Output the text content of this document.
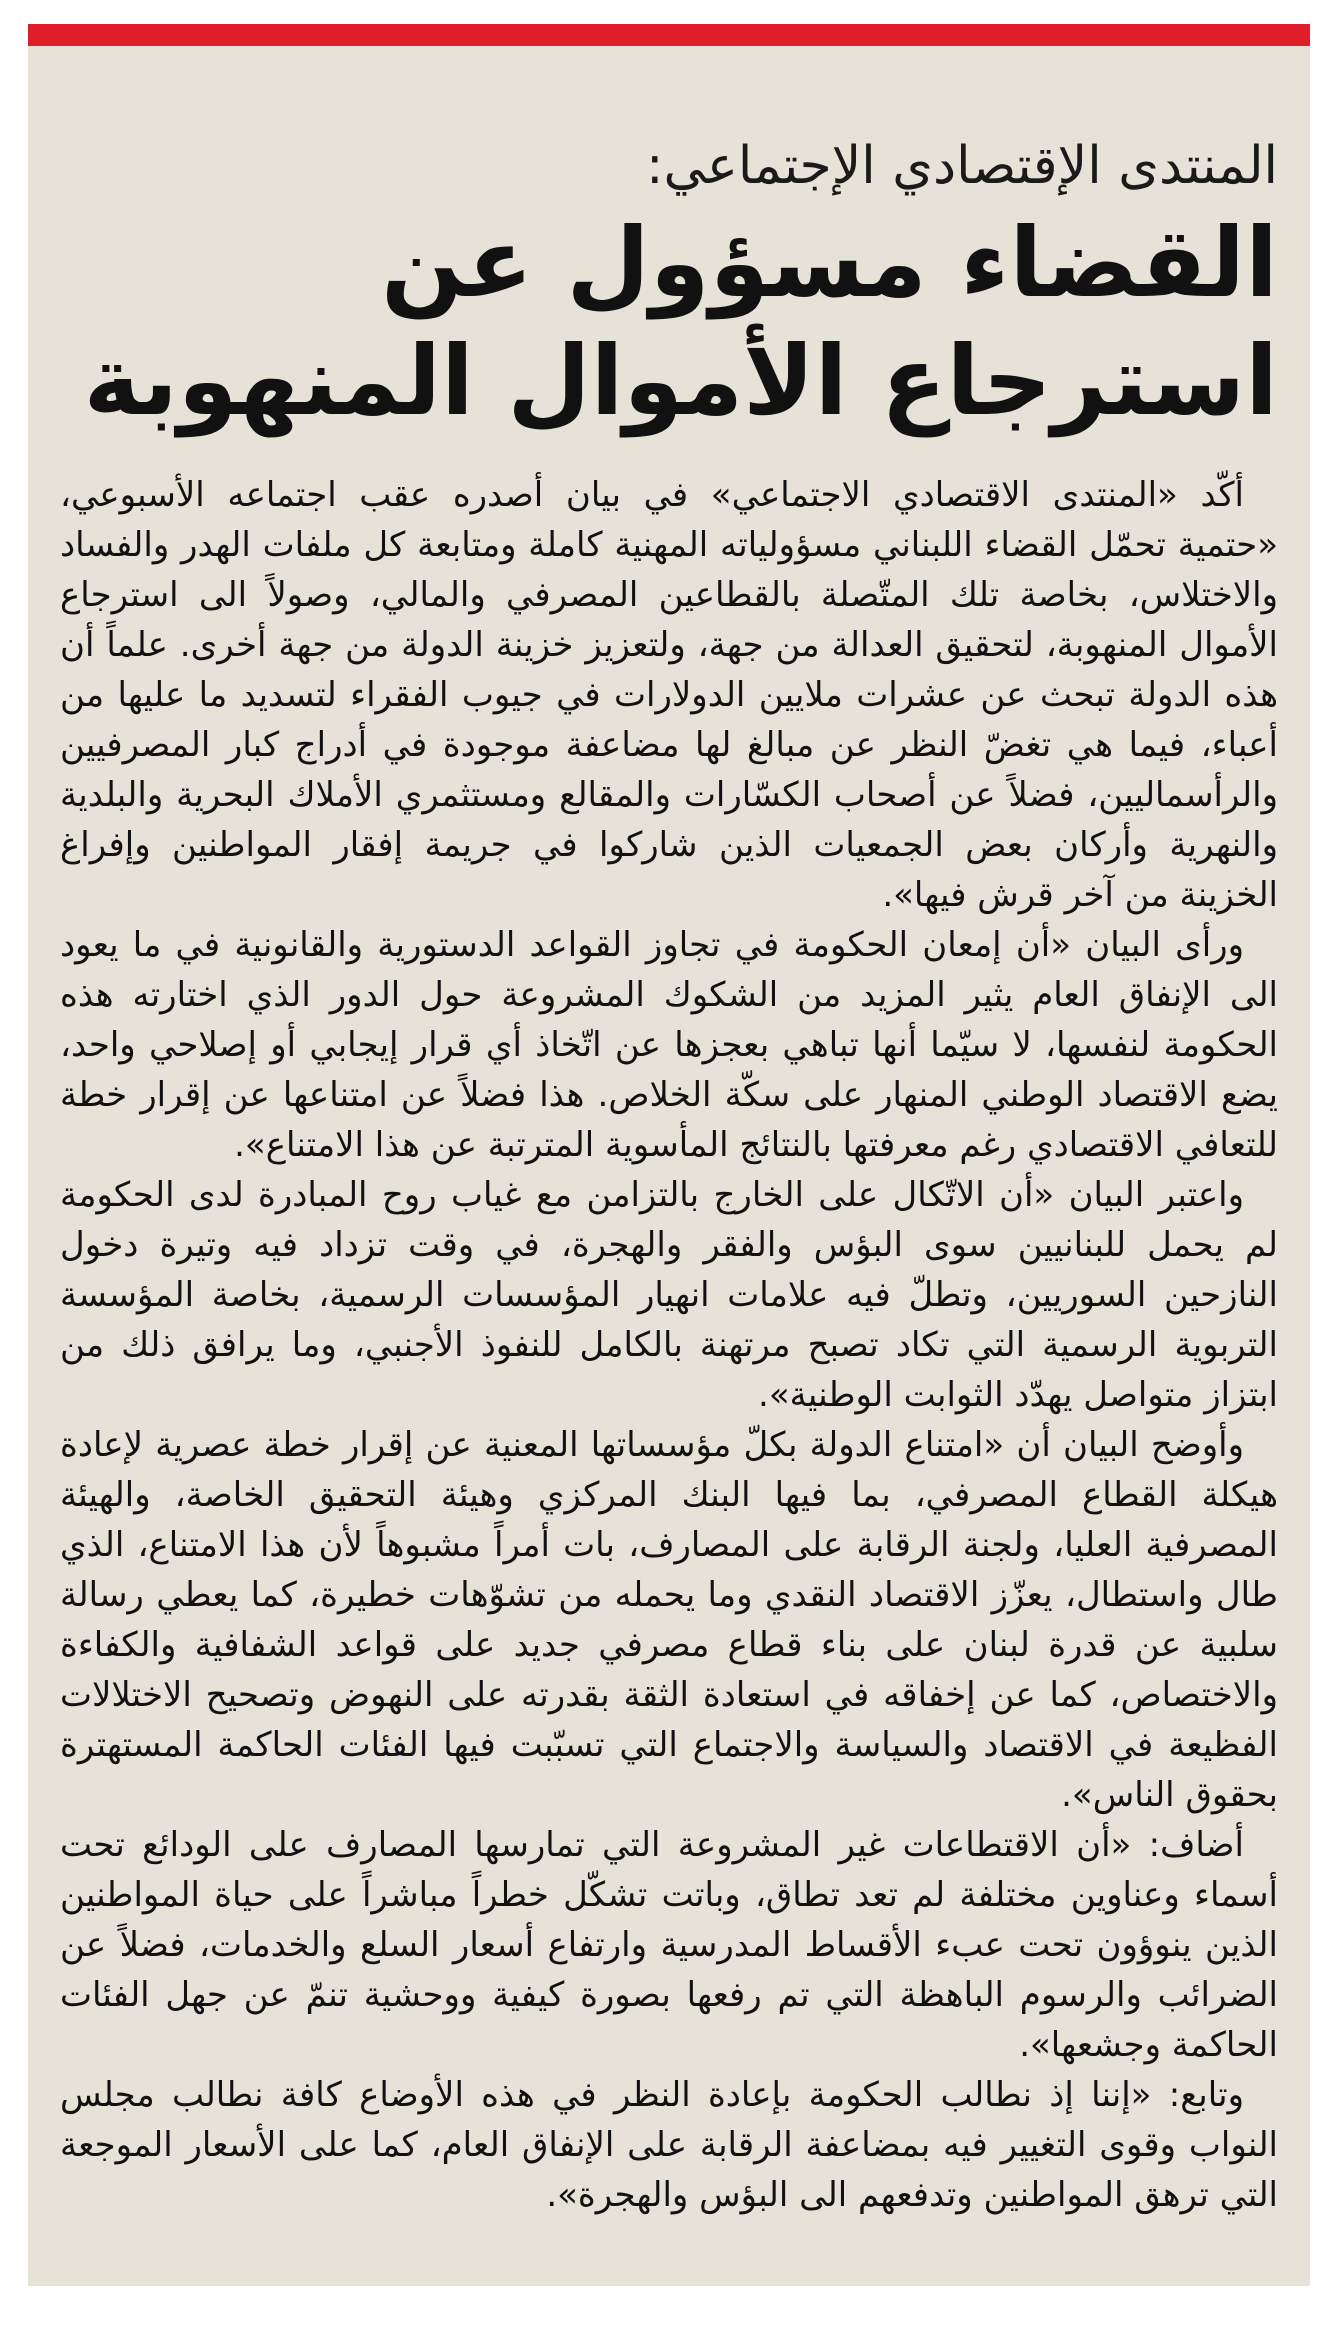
المنتدى الإقتصادي الإجتماعي:
القضاء مسؤول عن استرجاع الأموال المنهوبة

أكّد «المنتدى الاقتصادي الاجتماعي» في بيان أصدره عقب اجتماعه الأسبوعي، «حتمية تحمّل القضاء اللبناني مسؤولياته المهنية كاملة ومتابعة كل ملفات الهدر والفساد والاختلاس، بخاصة تلك المتّصلة بالقطاعين المصرفي والمالي، وصولاً الى استرجاع الأموال المنهوبة، لتحقيق العدالة من جهة، ولتعزيز خزينة الدولة من جهة أخرى. علماً أن هذه الدولة تبحث عن عشرات ملايين الدولارات في جيوب الفقراء لتسديد ما عليها من أعباء، فيما هي تغضّ النظر عن مبالغ لها مضاعفة موجودة في أدراج كبار المصرفيين والرأسماليين، فضلاً عن أصحاب الكسّارات والمقالع ومستثمري الأملاك البحرية والبلدية والنهرية وأركان بعض الجمعيات الذين شاركوا في جريمة إفقار المواطنين وإفراغ الخزينة من آخر قرش فيها».

ورأى البيان «أن إمعان الحكومة في تجاوز القواعد الدستورية والقانونية في ما يعود الى الإنفاق العام يثير المزيد من الشكوك المشروعة حول الدور الذي اختارته هذه الحكومة لنفسها، لا سيّما أنها تباهي بعجزها عن اتّخاذ أي قرار إيجابي أو إصلاحي واحد، يضع الاقتصاد الوطني المنهار على سكّة الخلاص. هذا فضلاً عن امتناعها عن إقرار خطة للتعافي الاقتصادي رغم معرفتها بالنتائج المأسوية المترتبة عن هذا الامتناع».

واعتبر البيان «أن الاتّكال على الخارج بالتزامن مع غياب روح المبادرة لدى الحكومة لم يحمل للبنانيين سوى البؤس والفقر والهجرة، في وقت تزداد فيه وتيرة دخول النازحين السوريين، وتطلّ فيه علامات انهيار المؤسسات الرسمية، بخاصة المؤسسة التربوية الرسمية التي تكاد تصبح مرتهنة بالكامل للنفوذ الأجنبي، وما يرافق ذلك من ابتزاز متواصل يهدّد الثوابت الوطنية».

وأوضح البيان أن «امتناع الدولة بكلّ مؤسساتها المعنية عن إقرار خطة عصرية لإعادة هيكلة القطاع المصرفي، بما فيها البنك المركزي وهيئة التحقيق الخاصة، والهيئة المصرفية العليا، ولجنة الرقابة على المصارف، بات أمراً مشبوهاً لأن هذا الامتناع، الذي طال واستطال، يعزّز الاقتصاد النقدي وما يحمله من تشوّهات خطيرة، كما يعطي رسالة سلبية عن قدرة لبنان على بناء قطاع مصرفي جديد على قواعد الشفافية والكفاءة والاختصاص، كما عن إخفاقه في استعادة الثقة بقدرته على النهوض وتصحيح الاختلالات الفظيعة في الاقتصاد والسياسة والاجتماع التي تسبّبت فيها الفئات الحاكمة المستهترة بحقوق الناس».

أضاف: «أن الاقتطاعات غير المشروعة التي تمارسها المصارف على الودائع تحت أسماء وعناوين مختلفة لم تعد تطاق، وباتت تشكّل خطراً مباشراً على حياة المواطنين الذين ينوؤون تحت عبء الأقساط المدرسية وارتفاع أسعار السلع والخدمات، فضلاً عن الضرائب والرسوم الباهظة التي تم رفعها بصورة كيفية ووحشية تنمّ عن جهل الفئات الحاكمة وجشعها».

وتابع: «إننا إذ نطالب الحكومة بإعادة النظر في هذه الأوضاع كافة نطالب مجلس النواب وقوى التغيير فيه بمضاعفة الرقابة على الإنفاق العام، كما على الأسعار الموجعة التي ترهق المواطنين وتدفعهم الى البؤس والهجرة».
